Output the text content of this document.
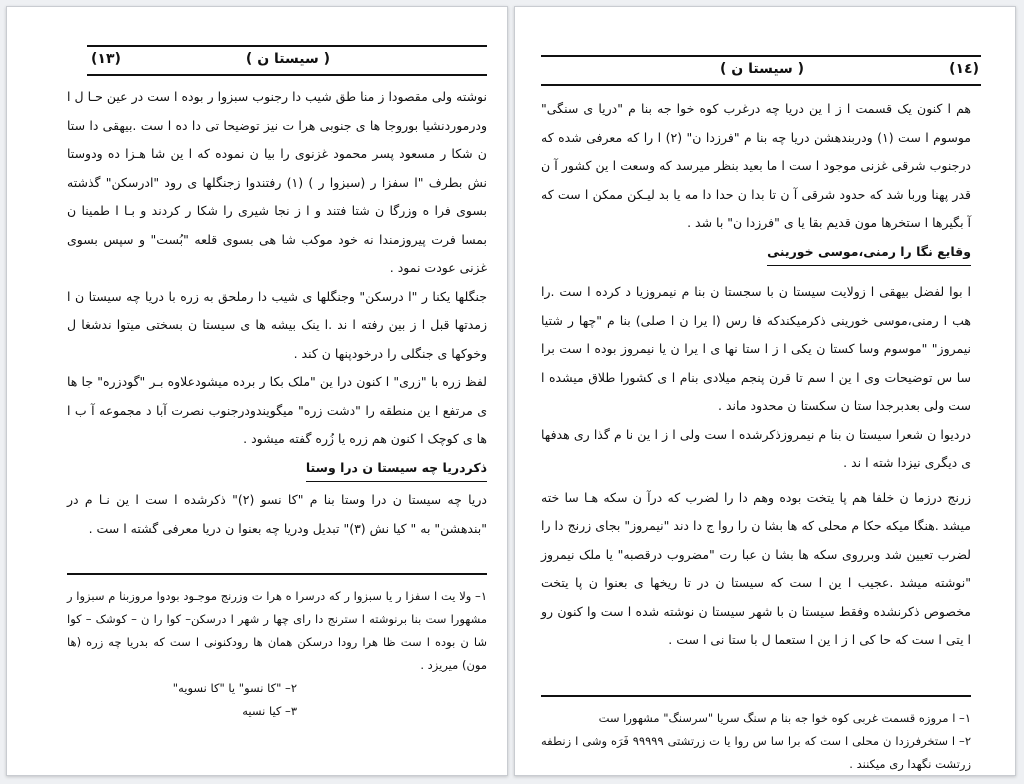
(١٣)	( سیستا ن )

نوشته ولی مقصودا ز منا طق شیب دا رجنوب سبزوا ر بوده ا ست در عین حـا ل ا ودرموردنشیا بوروجا ها ی جنوبی هرا ت نیز توضیحا تی دا ده ا ست .بیهقی دا ستا ن شکا ر مسعود پسر محمود غزنوی را بیا ن نموده که ا ین شا هـزا ده ودوستا نش بطرف "ا سفزا ر (سبزوا ر ) (١) رفتندوا زجنگلها ی رود "ادرسکن" گذشته بسوی فرا ه وزرگا ن شتا فتند و ا ز نجا شیری را شکا ر کردند و بـا ا طمینا ن بمسا فرت پیروزمندا نه خود موکب شا هی بسوی قلعه "بُست" و سپس بسوی غزنی عودت نمود .

جنگلها یکنا ر "ا درسکن" وجنگلها ی شیب دا رملحق به زره با دریا چه سیستا ن ا زمدتها قبل ا ز بین رفته ا ند .ا ینک بیشه ها ی سیستا ن بسختی میتوا ندشغا ل وخوکها ی جنگلی را درخودپنها ن کند .

لفظ زره با "زری" ا کنون درا ین "ملک بکا ر برده میشودعلاوه بـر "گودزره" جا ها ی مرتفع ا ین منطقه را "دشت زره" میگویندودرجنوب نصرت آبا د مجموعه آ ب ا ها ی کوچک ا کنون هم زره یا زُره گفته میشود .

ذکردریا چه سیستا ن درا وستا

دریا چه سیستا ن درا وستا بنا م "کا نسو (٢)" ذکرشده ا ست ا ین نـا م در "بندهشن" به " کیا نش (٣)" تبدیل ودریا چه بعنوا ن دریا معرفی گشته ا ست .

١– ولا یت ا سفزا ر یا سبزوا ر که درسرا ه هرا ت وزرنج موجـود بودوا مروزبنا م سبزوا ر مشهورا ست بنا برنوشته ا سترنج دا رای چها ر شهر ا درسکن– کوا را ن – کوشک – کوا شا ن بوده ا ست ظا هرا رودا درسکن همان ها رودکنونی ا ست که بدریا چه زره (ها مون) میریزد .

٢– "کا نسو" یا "کا نسویه"

٣– کیا نسیه

( سیستا ن )	(١٤)

هم ا کنون یک قسمت ا ز ا ین دریا چه درغرب کوه خوا جه بنا م "دریا ی سنگی" موسوم ا ست (١) ودربندهشن دریا چه بنا م "فرزدا ن" (٢) ا را که معرفی شده که درجنوب شرقی غزنی موجود ا ست ا ما بعید بنظر میرسد که وسعت ا ین کشور آ ن قدر پهنا وربا شد که حدود شرقی آ ن تا بدا ن حدا دا مه یا بد لیـکن ممکن ا ست که آ بگیرها ا ستخرها مون قدیم بقا یا ی "فرزدا ن" با شد .

وقایع نگا را رمنی،موسی خورینی

ا بوا لفضل بیهقی ا زولایت سیستا ن با سجستا ن بنا م نیمروزیا د کرده ا ست .را هب ا رمنی،موسی خورینی ذکرمیکندکه فا رس (ا یرا ن ا صلی) بنا م "چها ر شتیا نیمروز" "موسوم وسا کستا ن یکی ا ز ا ستا نها ی ا یرا ن یا نیمروز بوده ا ست برا سا س توضیحات وی ا ین ا سم تا قرن پنجم میلادی بنام ا ی کشورا طلاق میشده ا ست ولی بعدبرجدا ستا ن سکستا ن محدود ماند .

دردیوا ن شعرا سیستا ن بنا م نیمروزذکرشده ا ست ولی ا ز ا ین نا م گذا ری هدفها ی دیگری نیزدا شته ا ند .

زرنج درزما ن خلفا هم پا یتخت بوده وهم دا را لضرب که درآ ن سکه هـا سا خته میشد .هنگا میکه حکا م محلی که ها بشا ن را روا ج دا دند "نیمروز" بجای زرنج دا را لضرب تعیین شد وبرروی سکه ها بشا ن عبا رت "مضروب درقصبه" یا ملک نیمروز "نوشته میشد .عجیب ا ین ا ست که سیستا ن در تا ریخها ی بعنوا ن پا یتخت مخصوص ذکرنشده وفقط سیستا ن با شهر سیستا ن نوشته شده ا ست وا کنون رو ا یتی ا ست که حا کی ا ز ا ین ا ستعما ل با ستا نی ا ست .

١– ا مروزه قسمت غربی کوه خوا جه بنا م سنگ سریا "سرسنگ" مشهورا ست

٢– ا ستخرفرزدا ن محلی ا ست که برا سا س روا یا ت زرتشتی ٩٩٩٩٩ فَرَه وشی ا زنطفه زرتشت نگهدا ری میکنند .
